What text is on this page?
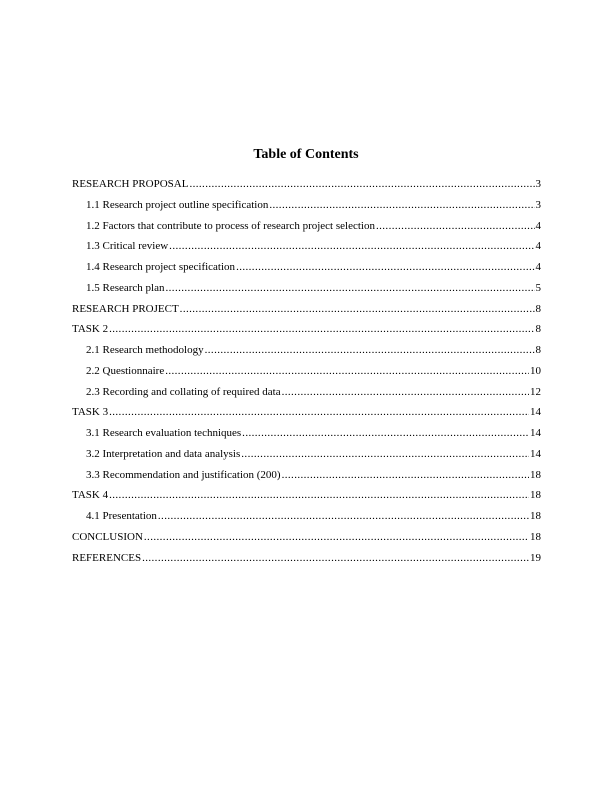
Table of Contents
RESEARCH PROPOSAL .....	3
1.1 Research project outline specification .....	3
1.2 Factors that contribute to process of research project selection .....	4
1.3 Critical review .....	4
1.4 Research project specification .....	4
1.5 Research plan .....	5
RESEARCH PROJECT .....	8
TASK 2 .....	8
2.1 Research methodology .....	8
2.2 Questionnaire .....	10
2.3 Recording and collating of required data .....	12
TASK 3 .....	14
3.1 Research evaluation techniques .....	14
3.2 Interpretation and data analysis .....	14
3.3 Recommendation and justification (200) .....	18
TASK 4 .....	18
4.1 Presentation .....	18
CONCLUSION .....	18
REFERENCES .....	19
